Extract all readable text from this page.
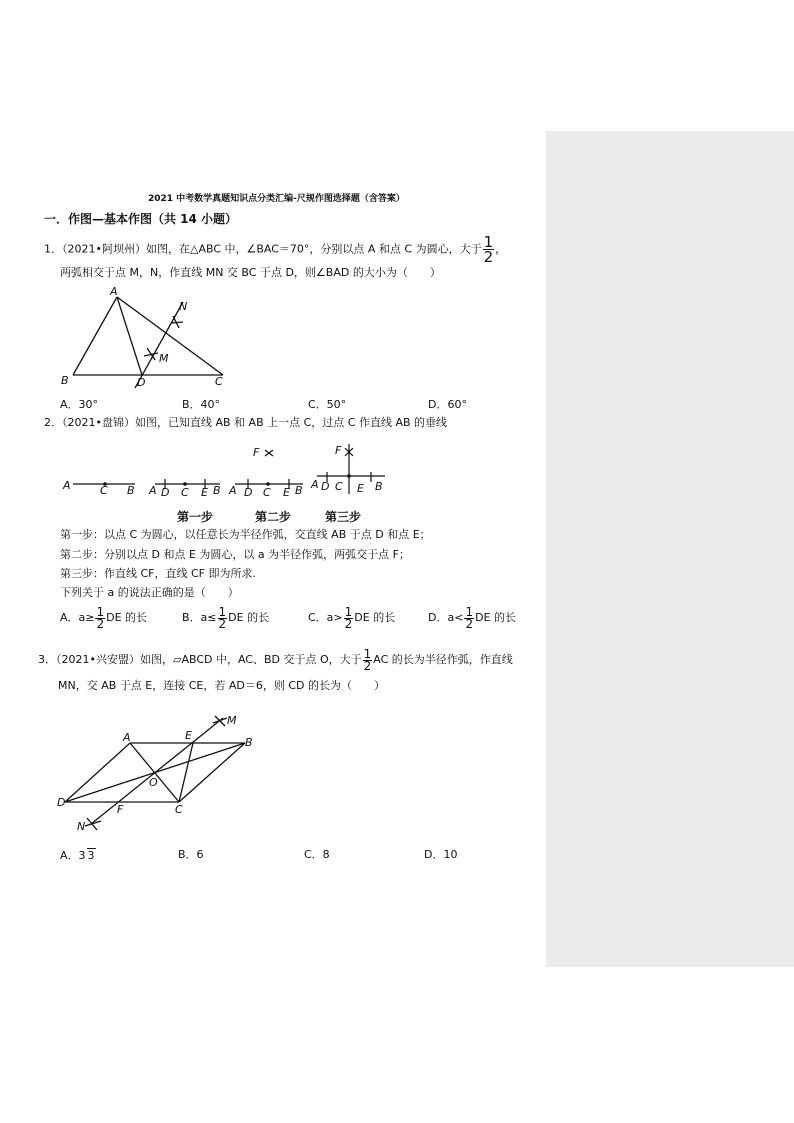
2021 中考数学真题知识点分类汇编-尺规作图选择题（含答案）
一．作图—基本作图（共 14 小题）
1．（2021•阿坝州）如图，在△ABC 中，∠BAC＝70°，分别以点 A 和点 C 为圆心，大于 $\frac{1}{2}$ ，
两弧相交于点 M，N，作直线 MN 交 BC 于点 D，则∠BAD 的大小为（　　）
A
B	C
D
M
N
A．30°	B．40°	C．50°	D．60°
2．（2021•盘锦）如图，已知直线 AB 和 AB 上一点 C，过点 C 作直线 AB 的垂线
A	C B A D C E B A D C E B
F
A D C E B
F
第一步	第二步	第三步
第一步：以点 C 为圆心，以任意长为半径作弧，交直线 AB 于点 D 和点 E；
第二步：分别以点 D 和点 E 为圆心，以 a 为半径作弧，两弧交于点 F；
第三步：作直线 CF，直线 CF 即为所求.
下列关于 a 的说法正确的是（　　）
A．$a\ge \frac{1}{2}$ DE 的长	B．$a\le \frac{1}{2}$ DE 的长	C．$a> \frac{1}{2}$ DE 的长	D．$a< \frac{1}{2}$ DE 的长
3．（2021•兴安盟）如图，▱ABCD 中，AC、BD 交于点 O，大于 $\frac{1}{2}$ AC 的长为半径作弧，作直线
MN，交 AB 于点 E，连接 CE，若 AD＝6，则 CD 的长为（　　）
A	B
C
D
E
F
M
N
O
A．3 3	B．6	C．8	D．10
